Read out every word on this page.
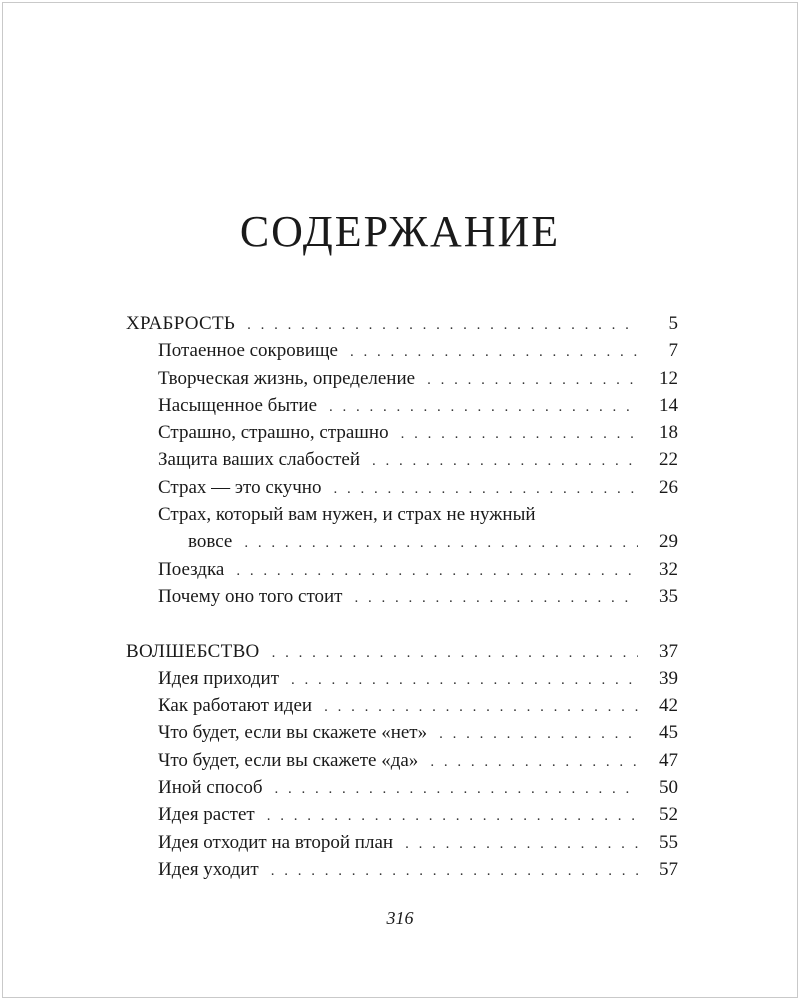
СОДЕРЖАНИЕ
ХРАБРОСТЬ . . .	5
Потаенное сокровище . . .	7
Творческая жизнь, определение . . .	12
Насыщенное бытие . . .	14
Страшно, страшно, страшно . . .	18
Защита ваших слабостей . . .	22
Страх — это скучно . . .	26
Страх, который вам нужен, и страх не нужный
вовсе . . .	29
Поездка . . .	32
Почему оно того стоит . . .	35
ВОЛШЕБСТВО . . .	37
Идея приходит . . .	39
Как работают идеи . . .	42
Что будет, если вы скажете «нет» . . .	45
Что будет, если вы скажете «да» . . .	47
Иной способ . . .	50
Идея растет . . .	52
Идея отходит на второй план . . .	55
Идея уходит . . .	57
316
